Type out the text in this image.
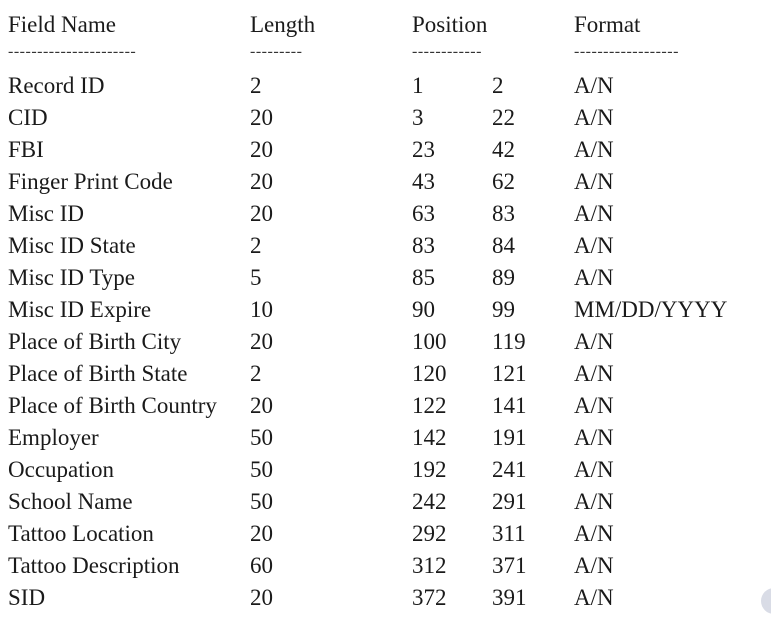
Field Name	Length	Position	Format
----------------------	---------	------------	------------------
Record ID	2	1	2	A/N
CID	20	3	22	A/N
FBI	20	23 42	A/N
Finger Print Code	20	43 62	A/N
Misc ID	20	63 83	A/N
Misc ID State	2	83 84	A/N
Misc ID Type	5	85 89	A/N
Misc ID Expire	10	90 99	MM/DD/YYYY
Place of Birth City	20	100 119 A/N
Place of Birth State	2	120 121 A/N
Place of Birth Country 20	122 141 A/N
Employer	50	142 191 A/N
Occupation	50	192 241 A/N
School Name	50	242 291 A/N
Tattoo Location	20	292 311 A/N
Tattoo Description	60	312 371 A/N
SID	20	372 391 A/N
